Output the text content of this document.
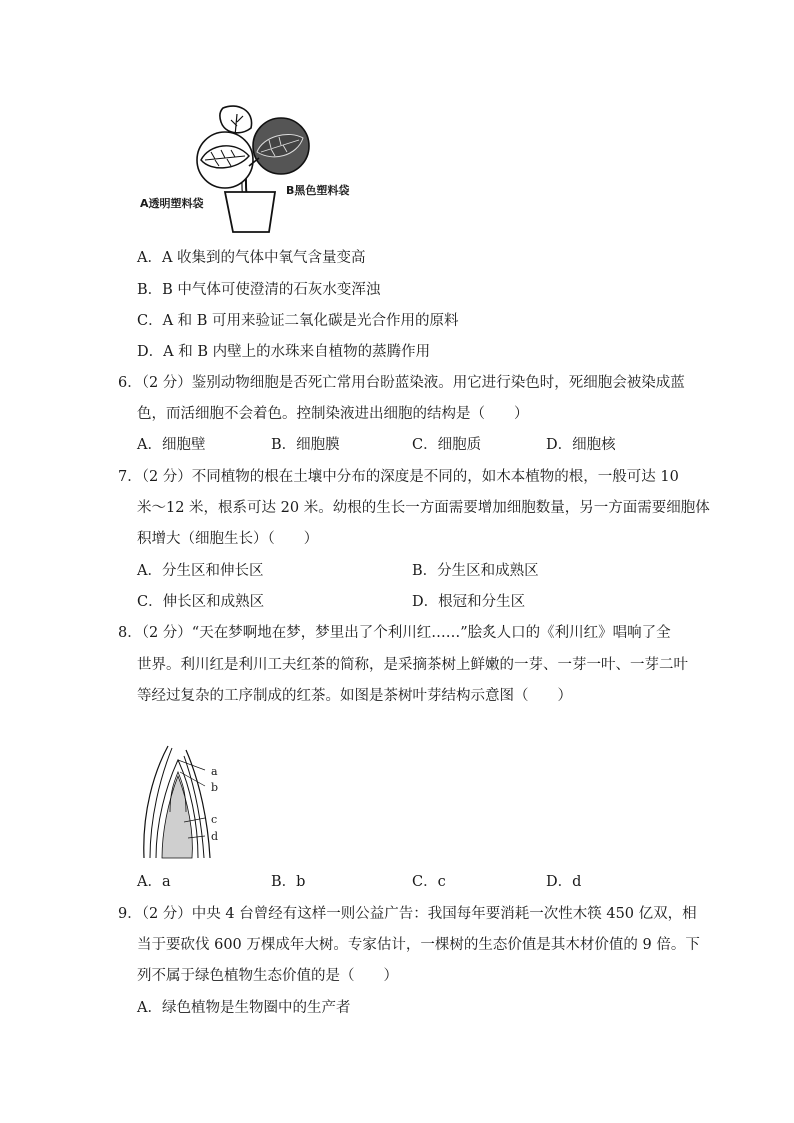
A透明塑料袋
B黑色塑料袋
A．A 收集到的气体中氧气含量变高
B．B 中气体可使澄清的石灰水变浑浊
C．A 和 B 可用来验证二氧化碳是光合作用的原料
D．A 和 B 内壁上的水珠来自植物的蒸腾作用
6．（2 分）鉴别动物细胞是否死亡常用台盼蓝染液。用它进行染色时，死细胞会被染成蓝
色，而活细胞不会着色。控制染液进出细胞的结构是（　　）
A．细胞壁	B．细胞膜	C．细胞质	D．细胞核
7．（2 分）不同植物的根在土壤中分布的深度是不同的，如木本植物的根，一般可达 10
米～12 米，根系可达 20 米。幼根的生长一方面需要增加细胞数量，另一方面需要细胞体
积增大（细胞生长）（　　）
A．分生区和伸长区	B．分生区和成熟区
C．伸长区和成熟区	D．根冠和分生区
8．（2 分）“天在梦啊地在梦，梦里出了个利川红……”脍炙人口的《利川红》唱响了全
世界。利川红是利川工夫红茶的简称，是采摘茶树上鲜嫩的一芽、一芽一叶、一芽二叶
等经过复杂的工序制成的红茶。如图是茶树叶芽结构示意图（　　）
a
b
c
d
A．a	B．b	C．c	D．d
9．（2 分）中央 4 台曾经有这样一则公益广告：我国每年要消耗一次性木筷 450 亿双，相
当于要砍伐 600 万棵成年大树。专家估计，一棵树的生态价值是其木材价值的 9 倍。下
列不属于绿色植物生态价值的是（　　）
A．绿色植物是生物圈中的生产者
